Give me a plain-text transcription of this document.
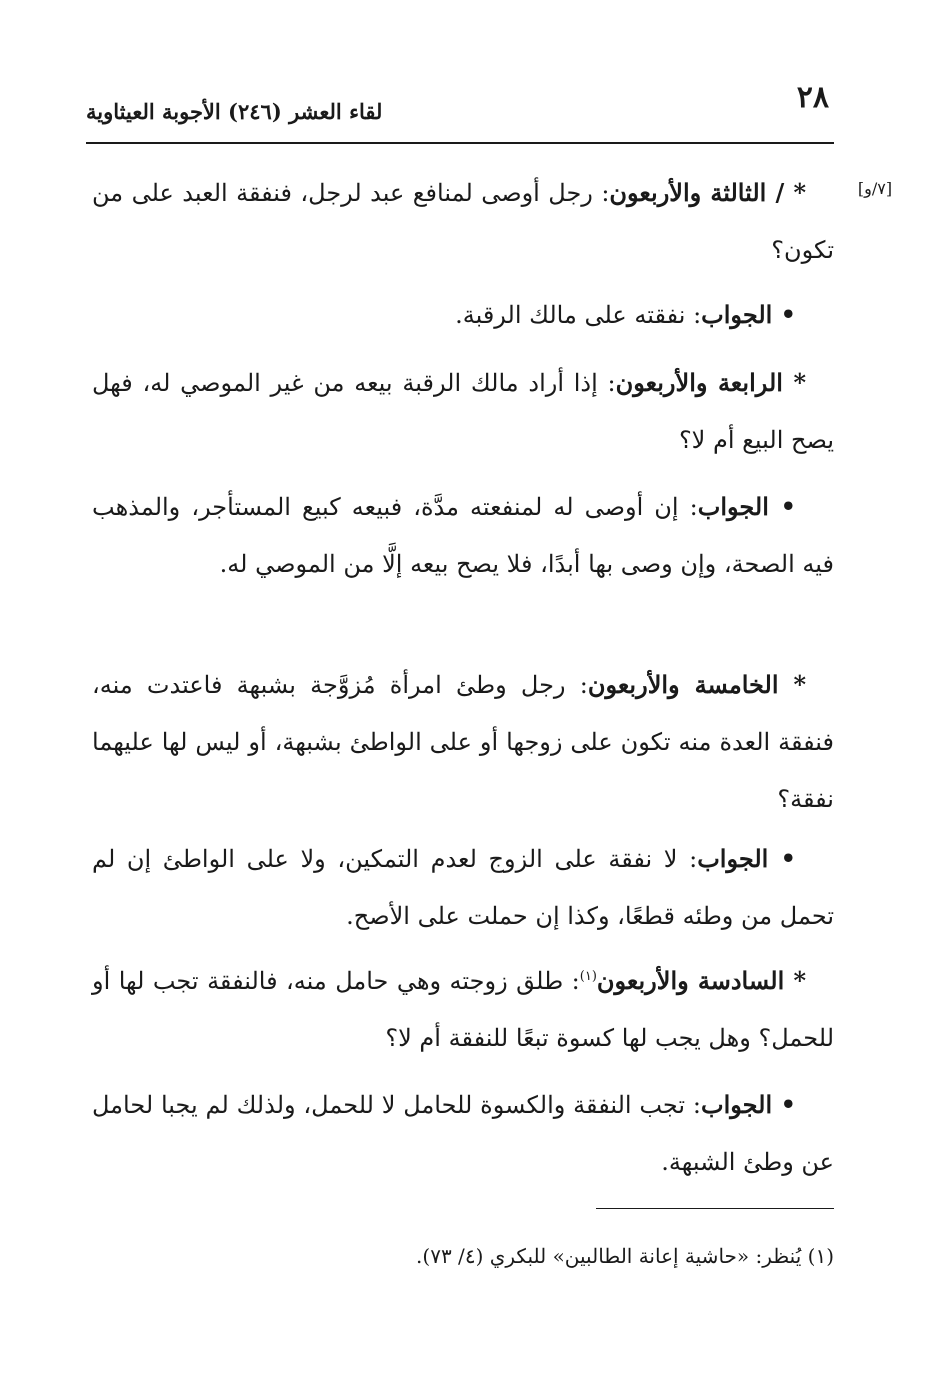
٢٨
لقاء العشر (٢٤٦) الأجوبة العيثاوية
[٧/و]
* / الثالثة والأربعون: رجل أوصى لمنافع عبد لرجل، فنفقة العبد على من تكون؟
• الجواب: نفقته على مالك الرقبة.
* الرابعة والأربعون: إذا أراد مالك الرقبة بيعه من غير الموصي له، فهل يصح البيع أم لا؟
• الجواب: إن أوصى له لمنفعته مدَّة، فبيعه كبيع المستأجر، والمذهب فيه الصحة، وإن وصى بها أبدًا، فلا يصح بيعه إلَّا من الموصي له.
* الخامسة والأربعون: رجل وطئ امرأة مُزوَّجة بشبهة فاعتدت منه، فنفقة العدة منه تكون على زوجها أو على الواطئ بشبهة، أو ليس لها عليهما نفقة؟
• الجواب: لا نفقة على الزوج لعدم التمكين، ولا على الواطئ إن لم تحمل من وطئه قطعًا، وكذا إن حملت على الأصح.
* السادسة والأربعون$^{(١)}$: طلق زوجته وهي حامل منه، فالنفقة تجب لها أو للحمل؟ وهل يجب لها كسوة تبعًا للنفقة أم لا؟
• الجواب: تجب النفقة والكسوة للحامل لا للحمل، ولذلك لم يجبا لحامل عن وطئ الشبهة.
(١) يُنظر: «حاشية إعانة الطالبين» للبكري (٤/ ٧٣).
